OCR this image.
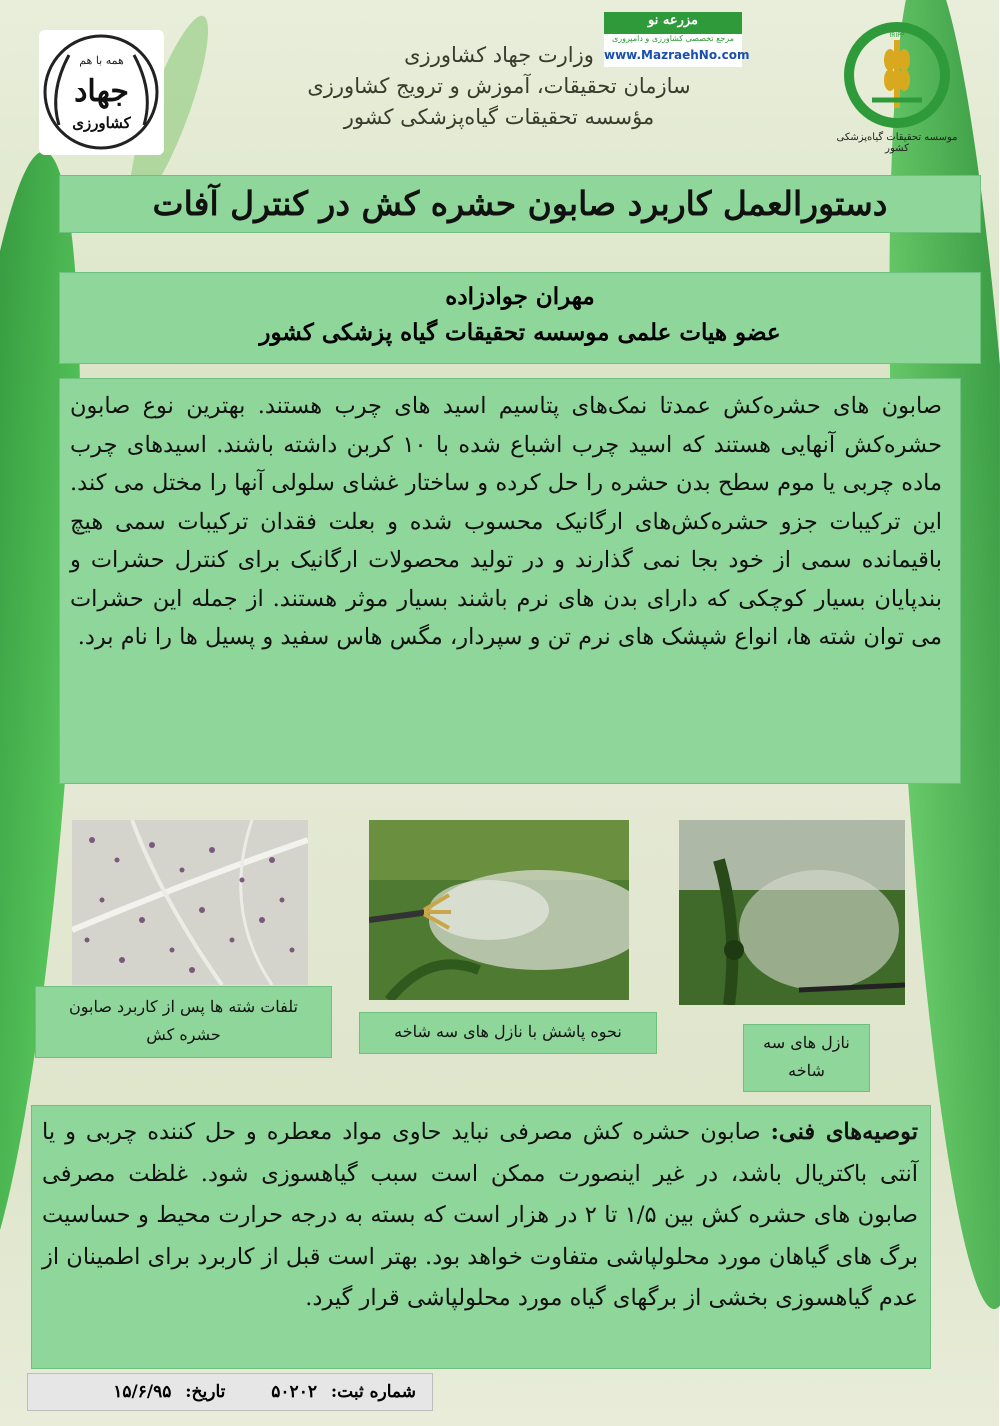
همه با هم
جهاد
کشاورزی
مزرعه نو
مرجع تخصصی کشاورزی و دامپروری
www.MazraehNo.com
وزارت جهاد کشاورزی
سازمان تحقیقات، آموزش و ترویج کشاورزی
مؤسسه تحقیقات گیاه‌پزشکی کشور
IRIPP
موسسه تحقیقات گیاه‌پزشکی کشور
دستورالعمل کاربرد صابون حشره کش در کنترل آفات
مهران جوادزاده
عضو هیات علمی موسسه تحقیقات گیاه پزشکی کشور
صابون های حشره‌کش عمدتا نمک‌های پتاسیم اسید های چرب هستند. بهترین نوع صابون حشره‌کش آنهایی هستند که اسید چرب اشباع شده با ۱۰ کربن داشته باشند. اسیدهای چرب ماده چربی یا موم سطح بدن حشره را حل کرده و ساختار غشای سلولی آنها را مختل می کند. این ترکیبات جزو حشره‌کش‌های ارگانیک محسوب شده و بعلت فقدان ترکیبات سمی هیچ باقیمانده سمی از خود بجا نمی گذارند و در تولید محصولات ارگانیک برای کنترل حشرات و بندپایان بسیار کوچکی که دارای بدن های نرم باشند بسیار موثر هستند. از جمله این حشرات می توان شته ها، انواع شپشک های نرم تن و سپردار، مگس هاس سفید و پسیل ها را نام برد.
تلفات شته ها پس از کاربرد صابون حشره کش	نحوه پاشش با نازل های سه شاخه
نازل های سه شاخه
توصیه‌های فنی: صابون حشره کش مصرفی نباید حاوی مواد معطره و حل کننده چربی و یا آنتی باکتریال باشد، در غیر اینصورت ممکن است سبب گیاهسوزی شود. غلظت مصرفی صابون های حشره کش بین ۱/۵ تا ۲ در هزار است که بسته به درجه حرارت محیط و حساسیت برگ های گیاهان مورد محلولپاشی متفاوت خواهد بود. بهتر است قبل از کاربرد برای اطمینان از عدم گیاهسوزی بخشی از برگهای گیاه مورد محلولپاشی قرار گیرد.
شماره ثبت: ۵۰۲۰۲ تاریخ: ۱۵/۶/۹۵
